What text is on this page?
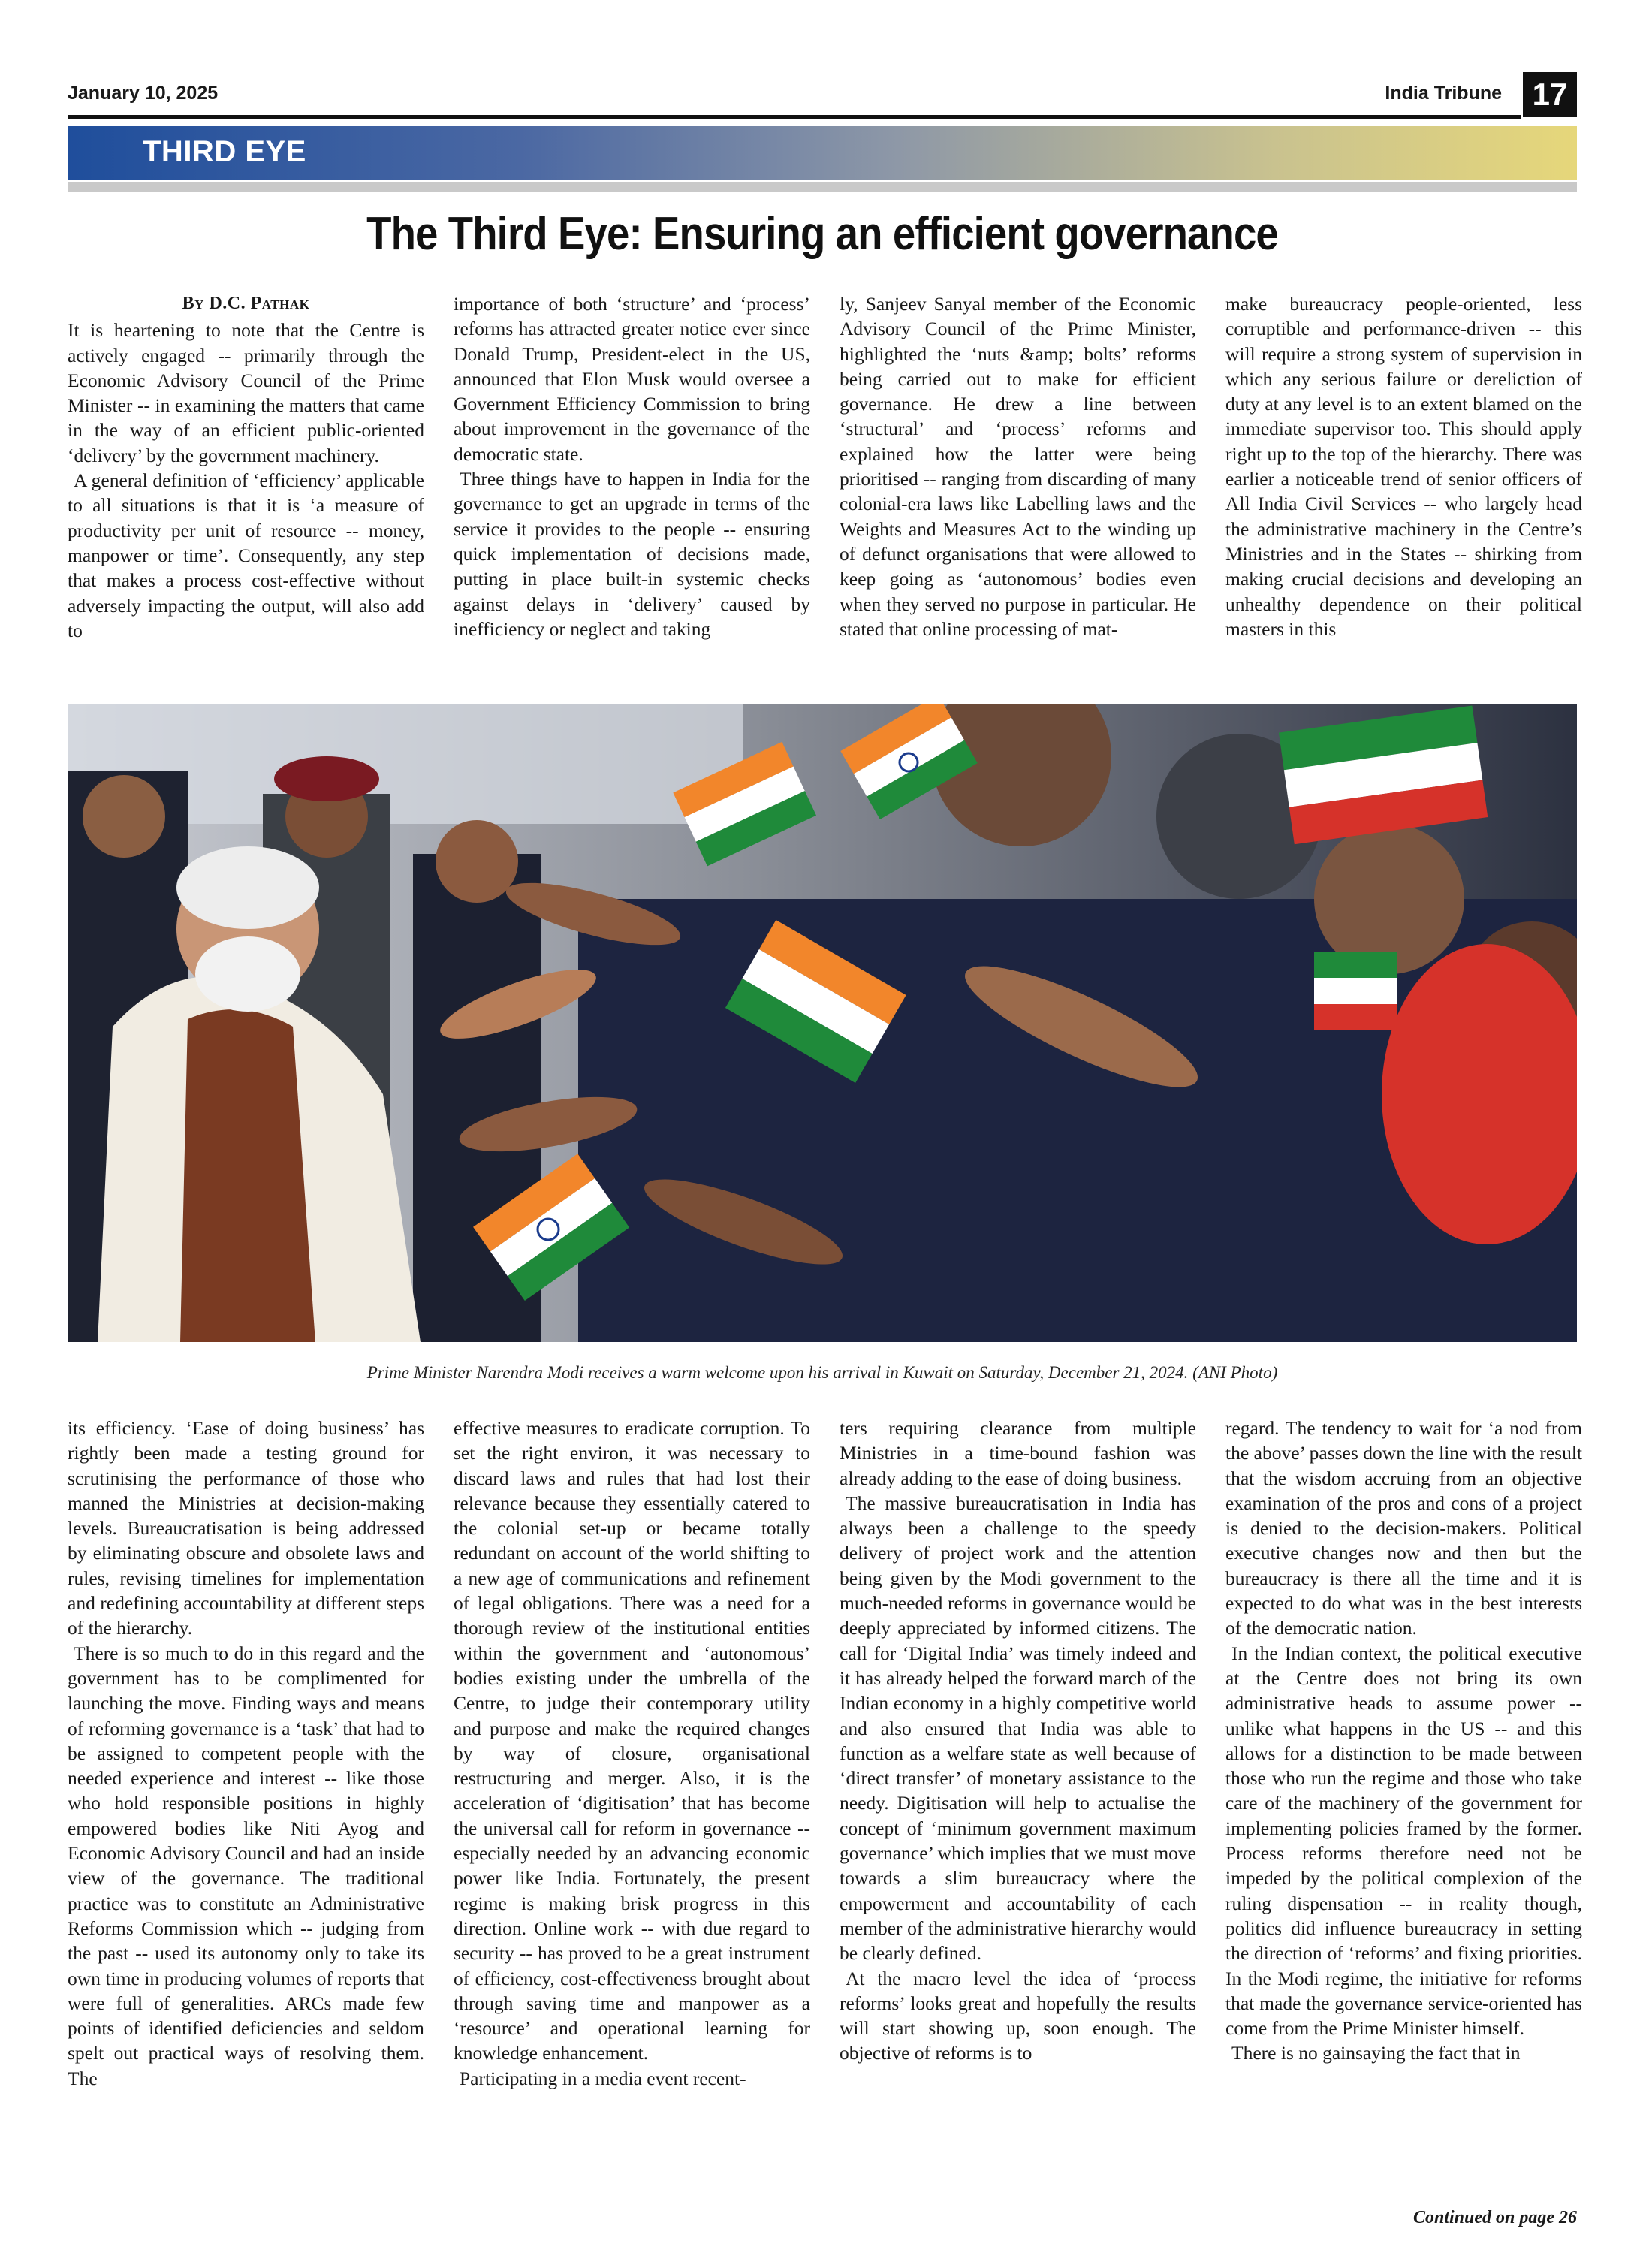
January 10, 2025	India Tribune 17
THIRD EYE
The Third Eye: Ensuring an efficient governance
By D.C. Pathak

It is heartening to note that the Centre is actively engaged -- primarily through the Economic Advisory Council of the Prime Minister -- in examining the matters that came in the way of an efficient public-oriented ‘delivery’ by the government machinery.

A general definition of ‘efficiency’ applicable to all situations is that it is ‘a measure of productivity per unit of resource -- money, manpower or time’. Consequently, any step that makes a process cost-effective without adversely impacting the output, will also add to

importance of both ‘structure’ and ‘process’ reforms has attracted greater notice ever since Donald Trump, President-elect in the US, announced that Elon Musk would oversee a Government Efficiency Commission to bring about improvement in the governance of the democratic state.

Three things have to happen in India for the governance to get an upgrade in terms of the service it provides to the people -- ensuring quick implementation of decisions made, putting in place built-in systemic checks against delays in ‘delivery’ caused by inefficiency or neglect and taking

ly, Sanjeev Sanyal member of the Economic Advisory Council of the Prime Minister, highlighted the ‘nuts &amp; bolts’ reforms being carried out to make for efficient governance. He drew a line between ‘structural’ and ‘process’ reforms and explained how the latter were being prioritised -- ranging from discarding of many colonial-era laws like Labelling laws and the Weights and Measures Act to the winding up of defunct organisations that were allowed to keep going as ‘autonomous’ bodies even when they served no purpose in particular. He stated that online processing of mat-

make bureaucracy people-oriented, less corruptible and performance-driven -- this will require a strong system of supervision in which any serious failure or dereliction of duty at any level is to an extent blamed on the immediate supervisor too. This should apply right up to the top of the hierarchy. There was earlier a noticeable trend of senior officers of All India Civil Services -- who largely head the administrative machinery in the Centre’s Ministries and in the States -- shirking from making crucial decisions and developing an unhealthy dependence on their political masters in this

Prime Minister Narendra Modi receives a warm welcome upon his arrival in Kuwait on Saturday, December 21, 2024. (ANI Photo)

its efficiency. ‘Ease of doing business’ has rightly been made a testing ground for scrutinising the performance of those who manned the Ministries at decision-making levels. Bureaucratisation is being addressed by eliminating obscure and obsolete laws and rules, revising timelines for implementation and redefining accountability at different steps of the hierarchy.

There is so much to do in this regard and the government has to be complimented for launching the move. Finding ways and means of reforming governance is a ‘task’ that had to be assigned to competent people with the needed experience and interest -- like those who hold responsible positions in highly empowered bodies like Niti Ayog and Economic Advisory Council and had an inside view of the governance. The traditional practice was to constitute an Administrative Reforms Commission which -- judging from the past -- used its autonomy only to take its own time in producing volumes of reports that were full of generalities. ARCs made few points of identified deficiencies and seldom spelt out practical ways of resolving them. The

effective measures to eradicate corruption. To set the right environ, it was necessary to discard laws and rules that had lost their relevance because they essentially catered to the colonial set-up or became totally redundant on account of the world shifting to a new age of communications and refinement of legal obligations. There was a need for a thorough review of the institutional entities within the government and ‘autonomous’ bodies existing under the umbrella of the Centre, to judge their contemporary utility and purpose and make the required changes by way of closure, organisational restructuring and merger. Also, it is the acceleration of ‘digitisation’ that has become the universal call for reform in governance -- especially needed by an advancing economic power like India. Fortunately, the present regime is making brisk progress in this direction. Online work -- with due regard to security -- has proved to be a great instrument of efficiency, cost-effectiveness brought about through saving time and manpower as a ‘resource’ and operational learning for knowledge enhancement.

Participating in a media event recent-

ters requiring clearance from multiple Ministries in a time-bound fashion was already adding to the ease of doing business.

The massive bureaucratisation in India has always been a challenge to the speedy delivery of project work and the attention being given by the Modi government to the much-needed reforms in governance would be deeply appreciated by informed citizens. The call for ‘Digital India’ was timely indeed and it has already helped the forward march of the Indian economy in a highly competitive world and also ensured that India was able to function as a welfare state as well because of ‘direct transfer’ of monetary assistance to the needy. Digitisation will help to actualise the concept of ‘minimum government maximum governance’ which implies that we must move towards a slim bureaucracy where the empowerment and accountability of each member of the administrative hierarchy would be clearly defined.

At the macro level the idea of ‘process reforms’ looks great and hopefully the results will start showing up, soon enough. The objective of reforms is to

regard. The tendency to wait for ‘a nod from the above’ passes down the line with the result that the wisdom accruing from an objective examination of the pros and cons of a project is denied to the decision-makers. Political executive changes now and then but the bureaucracy is there all the time and it is expected to do what was in the best interests of the democratic nation.

In the Indian context, the political executive at the Centre does not bring its own administrative heads to assume power -- unlike what happens in the US -- and this allows for a distinction to be made between those who run the regime and those who take care of the machinery of the government for implementing policies framed by the former. Process reforms therefore need not be impeded by the political complexion of the ruling dispensation -- in reality though, politics did influence bureaucracy in setting the direction of ‘reforms’ and fixing priorities. In the Modi regime, the initiative for reforms that made the governance service-oriented has come from the Prime Minister himself.

There is no gainsaying the fact that in

Continued on page 26
